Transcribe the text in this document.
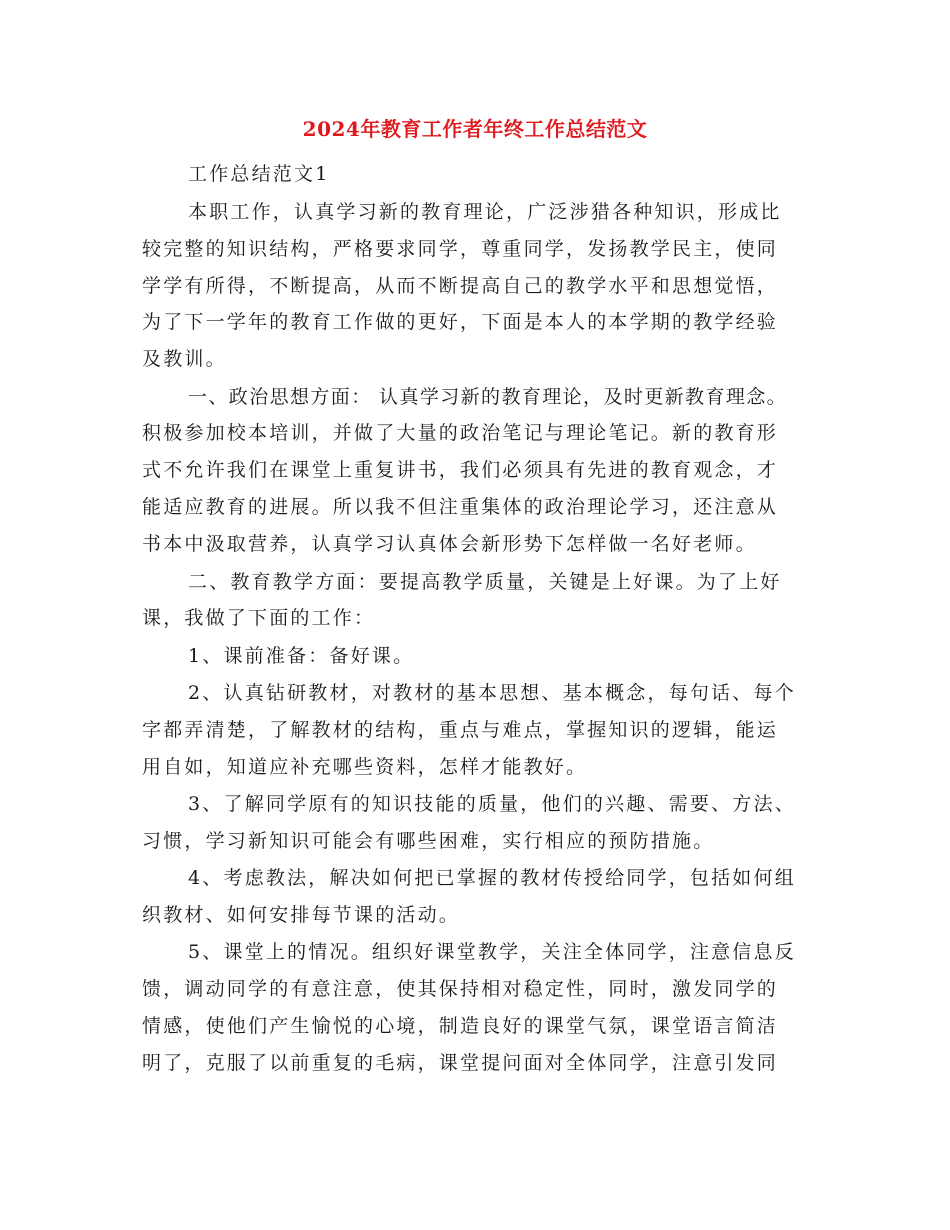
2024年教育工作者年终工作总结范文
工作总结范文1
本职工作，认真学习新的教育理论，广泛涉猎各种知识，形成比
较完整的知识结构，严格要求同学，尊重同学，发扬教学民主，使同
学学有所得，不断提高，从而不断提高自己的教学水平和思想觉悟，
为了下一学年的教育工作做的更好，下面是本人的本学期的教学经验
及教训。
一、政治思想方面： 认真学习新的教育理论，及时更新教育理念。
积极参加校本培训，并做了大量的政治笔记与理论笔记。新的教育形
式不允许我们在课堂上重复讲书，我们必须具有先进的教育观念，才
能适应教育的进展。所以我不但注重集体的政治理论学习，还注意从
书本中汲取营养，认真学习认真体会新形势下怎样做一名好老师。
二、教育教学方面：要提高教学质量，关键是上好课。为了上好
课，我做了下面的工作：
1、课前准备：备好课。
2、认真钻研教材，对教材的基本思想、基本概念，每句话、每个
字都弄清楚，了解教材的结构，重点与难点，掌握知识的逻辑，能运
用自如，知道应补充哪些资料，怎样才能教好。
3、了解同学原有的知识技能的质量，他们的兴趣、需要、方法、
习惯，学习新知识可能会有哪些困难，实行相应的预防措施。
4、考虑教法，解决如何把已掌握的教材传授给同学，包括如何组
织教材、如何安排每节课的活动。
5、课堂上的情况。组织好课堂教学，关注全体同学，注意信息反
馈，调动同学的有意注意，使其保持相对稳定性，同时，激发同学的
情感，使他们产生愉悦的心境，制造良好的课堂气氛，课堂语言简洁
明了，克服了以前重复的毛病，课堂提问面对全体同学，注意引发同
